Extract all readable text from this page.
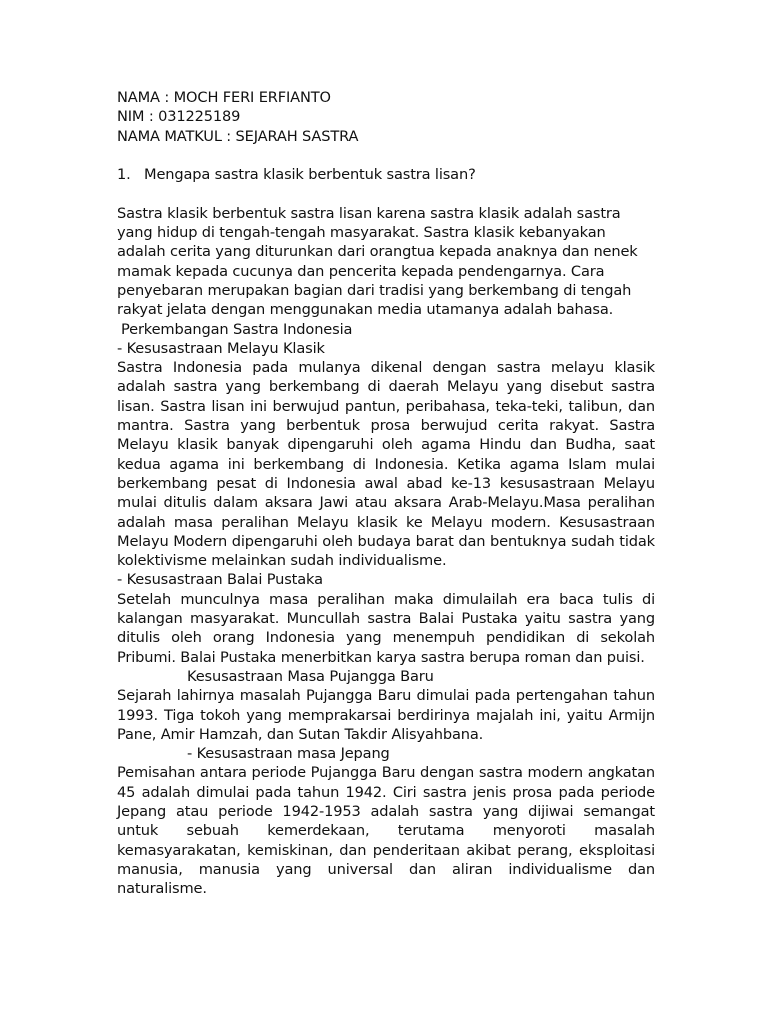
NAMA : MOCH FERI ERFIANTO

NIM : 031225189

NAMA MATKUL : SEJARAH SASTRA

1. Mengapa sastra klasik berbentuk sastra lisan?

Sastra klasik berbentuk sastra lisan karena sastra klasik adalah sastra yang hidup di tengah-tengah masyarakat. Sastra klasik kebanyakan adalah cerita yang diturunkan dari orangtua kepada anaknya dan nenek mamak kepada cucunya dan pencerita kepada pendengarnya. Cara penyebaran merupakan bagian dari tradisi yang berkembang di tengah rakyat jelata dengan menggunakan media utamanya adalah bahasa.

Perkembangan Sastra Indonesia

- Kesusastraan Melayu Klasik

Sastra Indonesia pada mulanya dikenal dengan sastra melayu klasik adalah sastra yang berkembang di daerah Melayu yang disebut sastra lisan. Sastra lisan ini berwujud pantun, peribahasa, teka-teki, talibun, dan mantra. Sastra yang berbentuk prosa berwujud cerita rakyat. Sastra Melayu klasik banyak dipengaruhi oleh agama Hindu dan Budha, saat kedua agama ini berkembang di Indonesia. Ketika agama Islam mulai berkembang pesat di Indonesia awal abad ke-13 kesusastraan Melayu mulai ditulis dalam aksara Jawi atau aksara Arab-Melayu.Masa peralihan adalah masa peralihan Melayu klasik ke Melayu modern. Kesusastraan Melayu Modern dipengaruhi oleh budaya barat dan bentuknya sudah tidak kolektivisme melainkan sudah individualisme.

- Kesusastraan Balai Pustaka

Setelah munculnya masa peralihan maka dimulailah era baca tulis di kalangan masyarakat. Muncullah sastra Balai Pustaka yaitu sastra yang ditulis oleh orang Indonesia yang menempuh pendidikan di sekolah Pribumi. Balai Pustaka menerbitkan karya sastra berupa roman dan puisi.

Kesusastraan Masa Pujangga Baru

Sejarah lahirnya masalah Pujangga Baru dimulai pada pertengahan tahun 1993. Tiga tokoh yang memprakarsai berdirinya majalah ini, yaitu Armijn Pane, Amir Hamzah, dan Sutan Takdir Alisyahbana.

- Kesusastraan masa Jepang

Pemisahan antara periode Pujangga Baru dengan sastra modern angkatan 45 adalah dimulai pada tahun 1942. Ciri sastra jenis prosa pada periode Jepang atau periode 1942-1953 adalah sastra yang dijiwai semangat untuk sebuah kemerdekaan, terutama menyoroti masalah kemasyarakatan, kemiskinan, dan penderitaan akibat perang, eksploitasi manusia, manusia yang universal dan aliran individualisme dan naturalisme.
